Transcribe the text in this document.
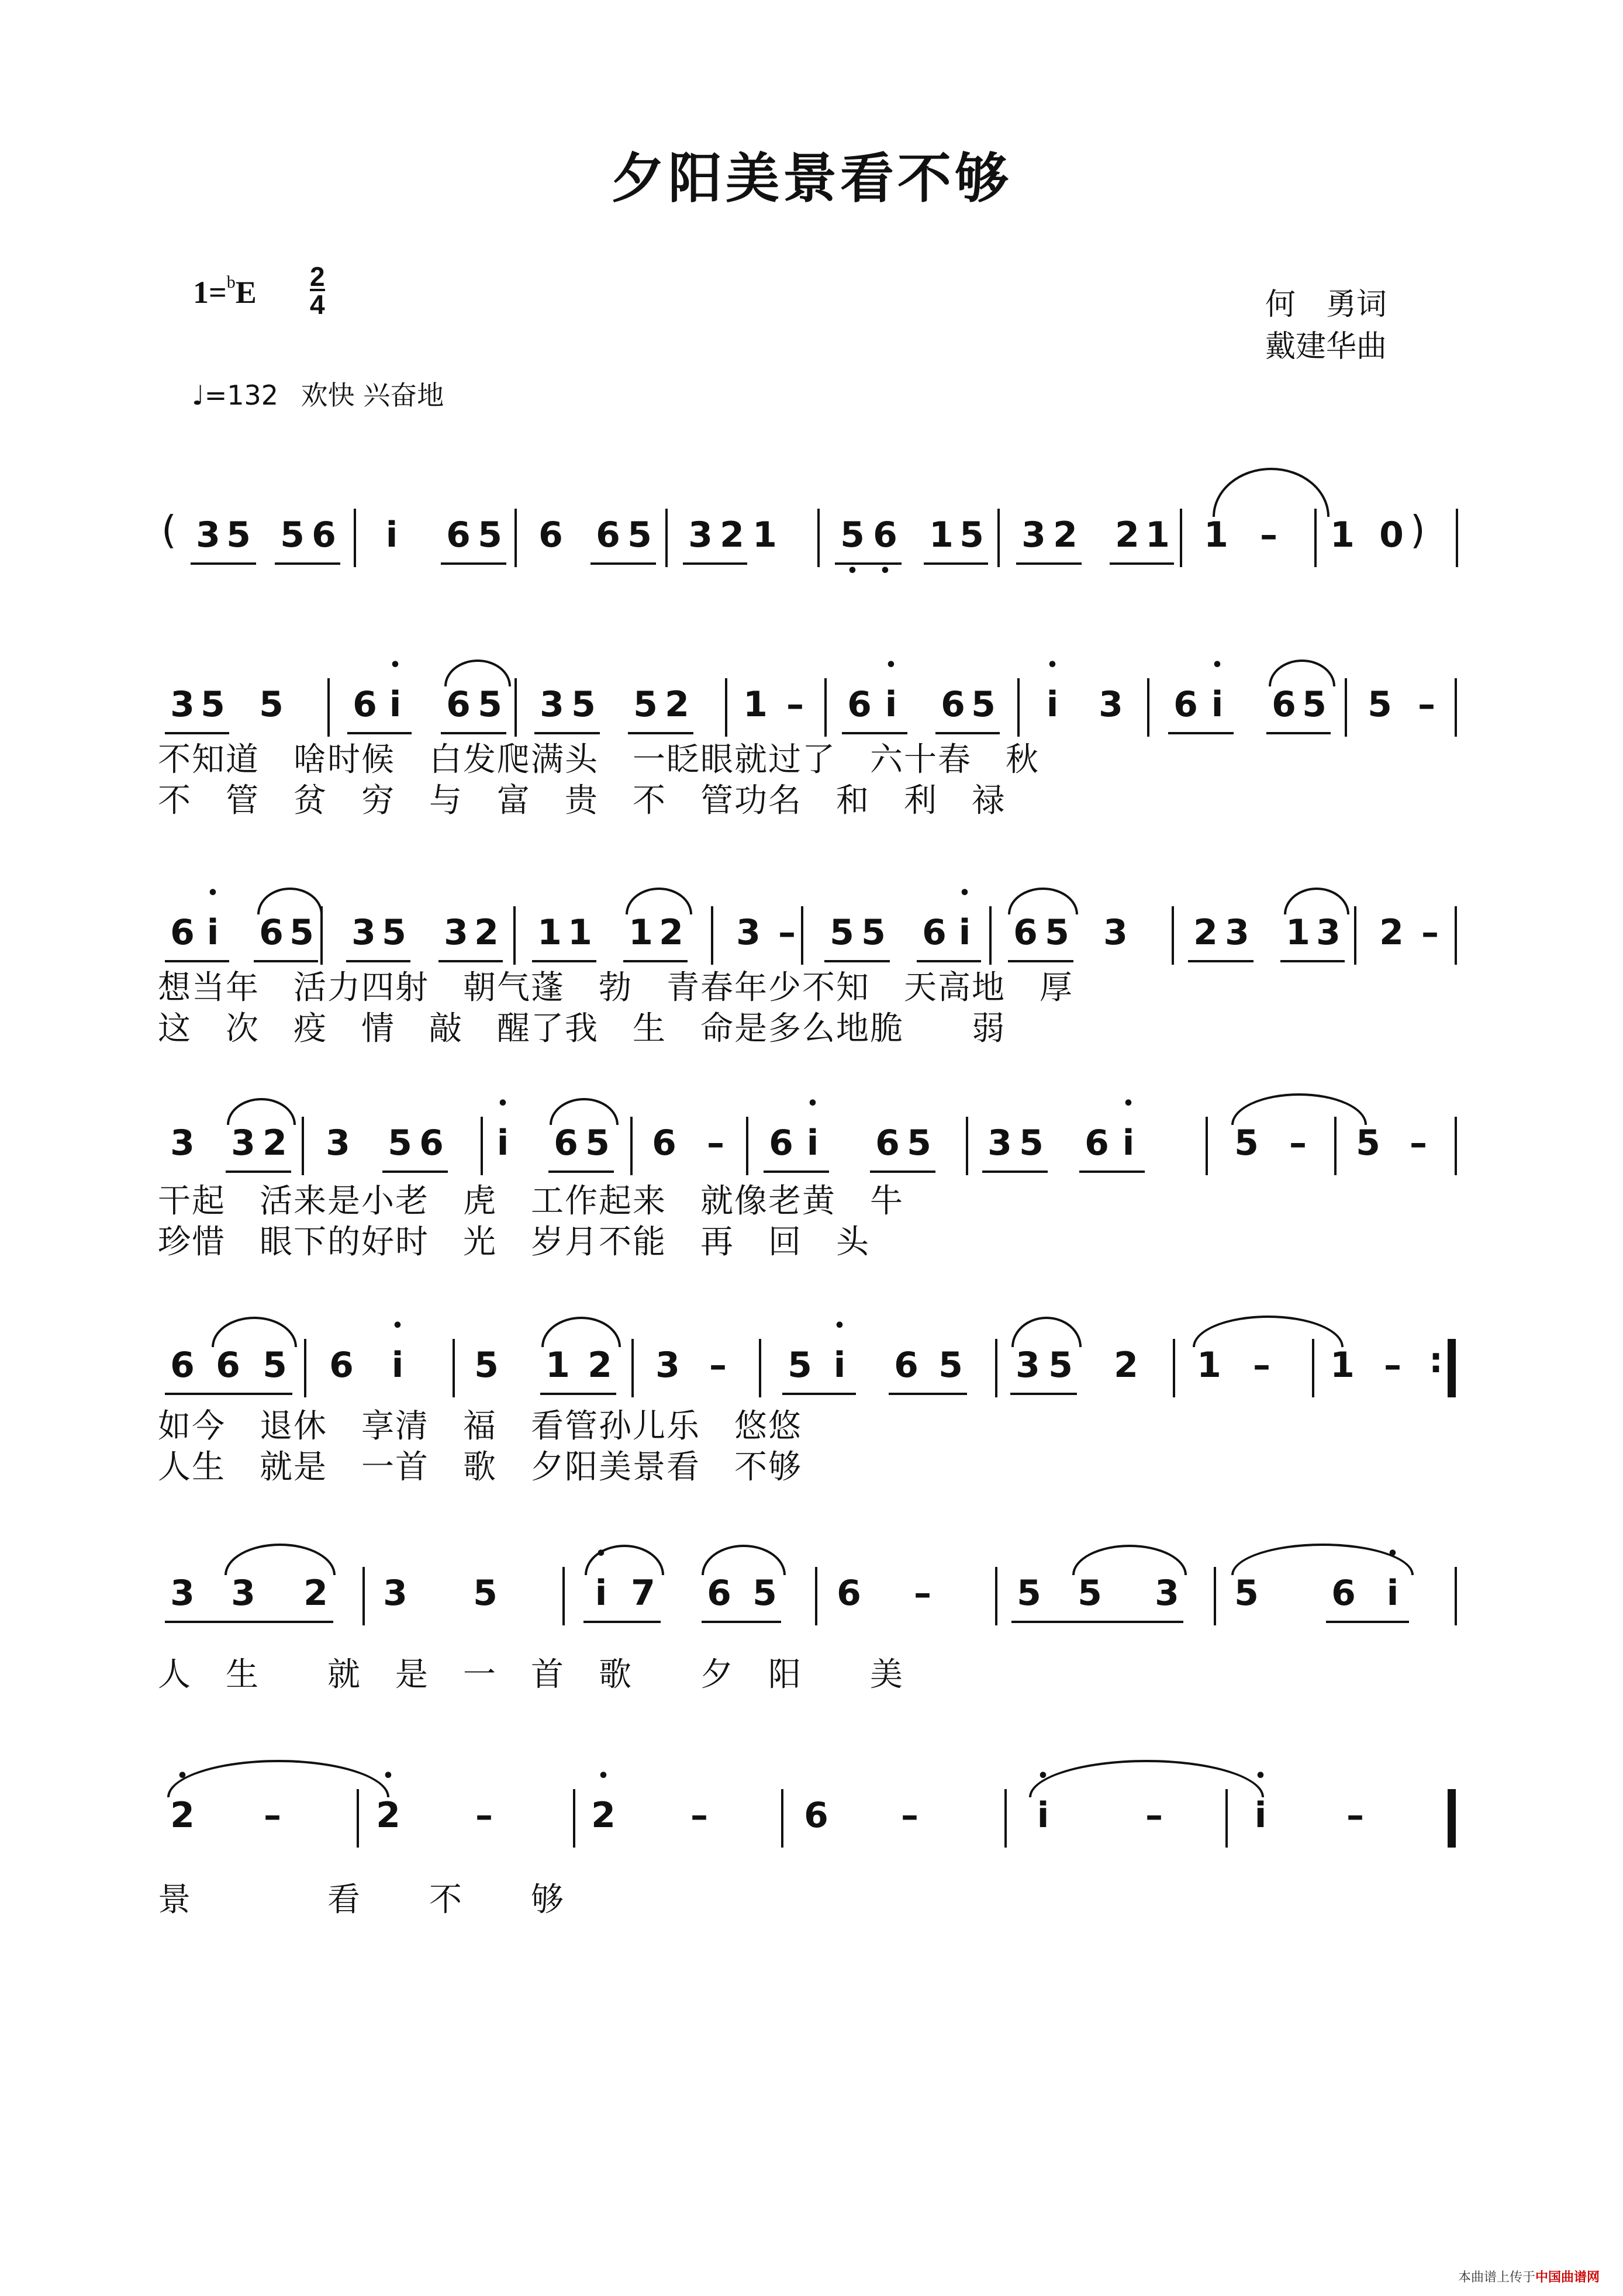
夕阳美景看不够
$1=^bE \frac{2}{4}$
♩=132 欢快 兴奋地
何　勇词
戴建华曲
3 5 5 6	i	6 5 6 6 5 3 2 1 5 • 6 • 1 5 3 2 2 1 1 – 1 0
3 5 5 6 • i	6 5 3 5 5 2 1 – 6 • i	6 5	• i	3 6 • i	6 5 5 –
不知道　啥时候　白发爬满头　一眨眼就过了　六十春　秋
不　管　贫　穷　与　富　贵　不　管功名　和　利　禄
6 • i	6 5 3 5 3 2 1 1 1 2 3 – 5 5 6 • i	6 5 3 2 3 1 3 2 –
想当年　活力四射　朝气蓬　勃　青春年少不知　天高地　厚
这　次　疫　情　敲　醒了我　生　命是多么地脆　　弱
3 3 2 3 5 6	• i	6 5 6 – 6 • i	6 5 3 5 6 • i	5 – 5 –
干起　活来是小老　虎　工作起来　就像老黄　牛
珍惜　眼下的好时　光　岁月不能　再　回　头
6 6 5 6	• i	5 1 2 3 – 5 • i	6 5 3 5 2 1 – 1 –
如今　退休　享清　福　看管孙儿乐　悠悠
人生　就是　一首　歌　夕阳美景看　不够
3 3 2 3 5	• i 7 6 5 6 – 5 5 3 5 6 • i
人　生　　就　是　一　首　歌　　夕　阳　　美
• 2 –	• 2 –	• 2 –	6 –	• i	–	• i	–
景　　　　看　　不　　够
(	)
:
本曲谱上传于中国曲谱网
